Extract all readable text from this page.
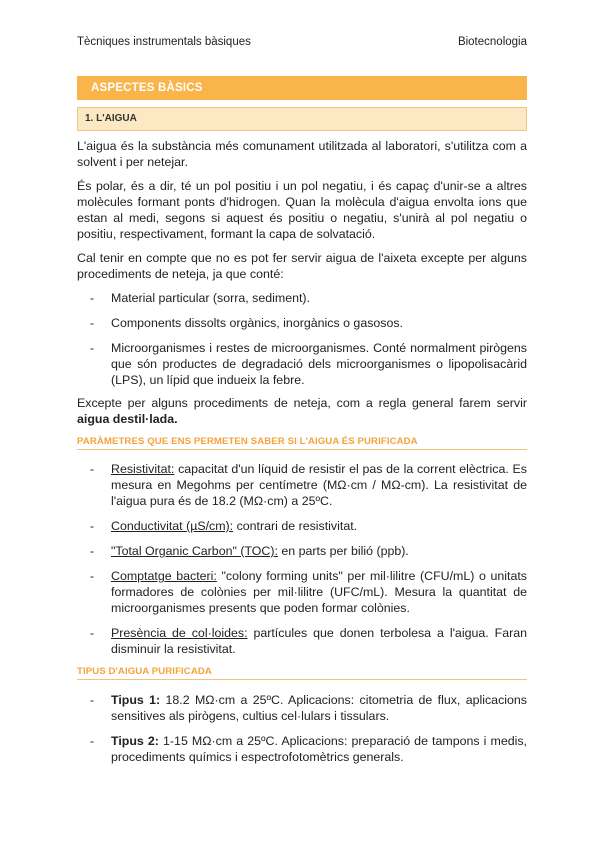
Tècniques instrumentals bàsiques	Biotecnologia
ASPECTES BÀSICS
1. L'AIGUA

L'aigua és la substància més comunament utilitzada al laboratori, s'utilitza com a solvent i per netejar.

És polar, és a dir, té un pol positiu i un pol negatiu, i és capaç d'unir-se a altres molècules formant ponts d'hidrogen. Quan la molècula d'aigua envolta ions que estan al medi, segons si aquest és positiu o negatiu, s'unirà al pol negatiu o positiu, respectivament, formant la capa de solvatació.

Cal tenir en compte que no es pot fer servir aigua de l'aixeta excepte per alguns procediments de neteja, ja que conté:

- Material particular (sorra, sediment).
- Components dissolts orgànics, inorgànics o gasosos.
- Microorganismes i restes de microorganismes. Conté normalment pirògens que són productes de degradació dels microorganismes o lipopolisacàrid (LPS), un lípid que indueix la febre.

Excepte per alguns procediments de neteja, com a regla general farem servir aigua destil·lada.

PARÀMETRES QUE ENS PERMETEN SABER SI L'AIGUA ÉS PURIFICADA
- Resistivitat: capacitat d'un líquid de resistir el pas de la corrent elèctrica. Es mesura en Megohms per centímetre (MΩ·cm / MΩ-cm). La resistivitat de l'aigua pura és de 18.2 (MΩ·cm) a 25ºC.
- Conductivitat (µS/cm): contrari de resistivitat.
- "Total Organic Carbon" (TOC): en parts per bilió (ppb).
- Comptatge bacteri: "colony forming units" per mil·lilitre (CFU/mL) o unitats formadores de colònies per mil·lilitre (UFC/mL). Mesura la quantitat de microorganismes presents que poden formar colònies.
- Presència de col·loides: partícules que donen terbolesa a l'aigua. Faran disminuir la resistivitat.
TIPUS D'AIGUA PURIFICADA
- Tipus 1: 18.2 MΩ·cm a 25ºC. Aplicacions: citometria de flux, aplicacions sensitives als pirògens, cultius cel·lulars i tissulars.
- Tipus 2: 1-15 MΩ·cm a 25ºC. Aplicacions: preparació de tampons i medis, procediments químics i espectrofotomètrics generals.
